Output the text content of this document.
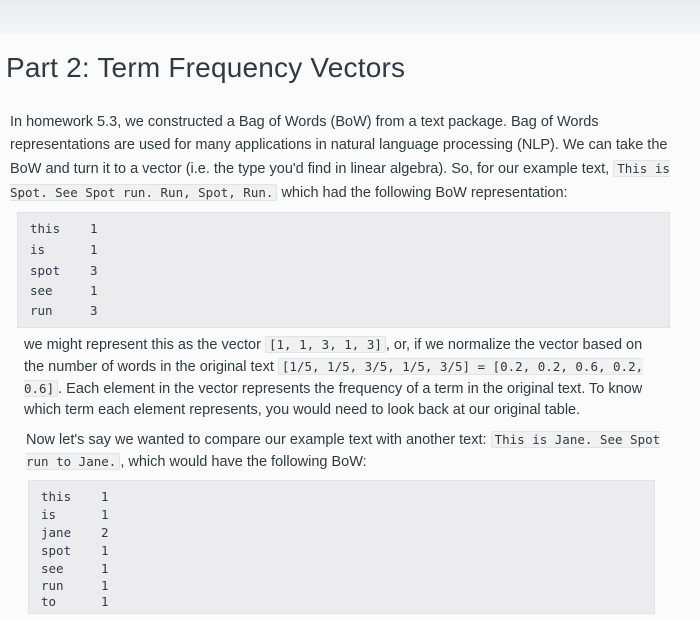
Part 2: Term Frequency Vectors
In homework 5.3, we constructed a Bag of Words (BoW) from a text package. Bag of Words representations are used for many applications in natural language processing (NLP). We can take the BoW and turn it to a vector (i.e. the type you'd find in linear algebra). So, for our example text, This is Spot. See Spot run. Run, Spot, Run. which had the following BoW representation:
this 1
is	1
spot 3
see	1
run	3
we might represent this as the vector [1, 1, 3, 1, 3] , or, if we normalize the vector based on the number of words in the original text [1/5, 1/5, 3/5, 1/5, 3/5] = [0.2, 0.2, 0.6, 0.2, 0.6] . Each element in the vector represents the frequency of a term in the original text. To know which term each element represents, you would need to look back at our original table.
Now let's say we wanted to compare our example text with another text: This is Jane. See Spot run to Jane. , which would have the following BoW:
this 1
is	1
jane 2
spot 1
see	1
run	1
to	1
